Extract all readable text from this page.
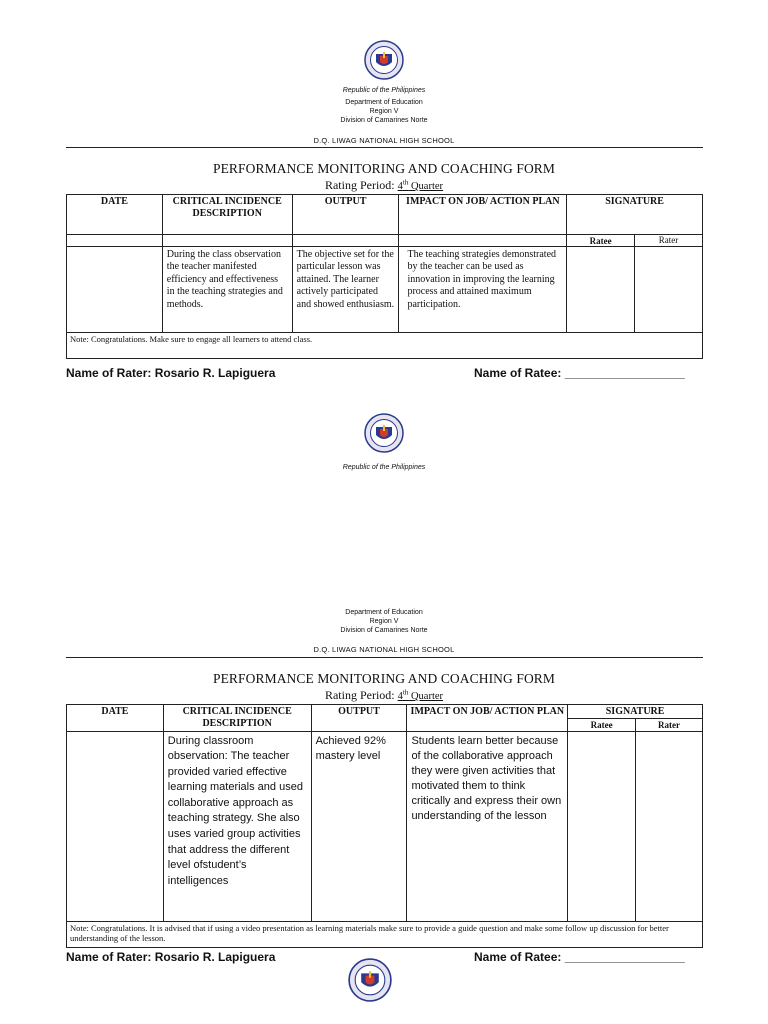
Republic of the Philippines
Department of Education
Region V
Division of Camarines Norte
D.Q. LIWAG NATIONAL HIGH SCHOOL
PERFORMANCE MONITORING AND COACHING FORM
Rating Period: 4th Quarter
DATE	CRITICAL INCIDENCE DESCRIPTION	OUTPUT	IMPACT ON JOB/ ACTION PLAN	SIGNATURE	
				Ratee	Rater
	During the class observation the teacher manifested efficiency and effectiveness in the teaching strategies and methods.	The objective set for the particular lesson was attained. The learner actively participated and showed enthusiasm.	The teaching strategies demonstrated by the teacher can be used as innovation in improving the learning process and attained maximum participation.		
Note: Congratulations. Make sure to engage all learners to attend class.					
Name of Rater: Rosario R. Lapiguera	Name of Ratee: __________________
Republic of the Philippines
Department of Education
Region V
Division of Camarines Norte
D.Q. LIWAG NATIONAL HIGH SCHOOL
PERFORMANCE MONITORING AND COACHING FORM
Rating Period: 4th Quarter
DATE	CRITICAL INCIDENCE DESCRIPTION	OUTPUT	IMPACT ON JOB/ ACTION PLAN	SIGNATURE	
				Ratee	Rater
	During classroom observation: The teacher provided varied effective learning materials and used collaborative approach as teaching strategy. She also uses varied group activities that address the different level ofstudent’s intelligences	Achieved 92% mastery level	Students learn better because of the collaborative approach they were given activities that motivated them to think critically and express their own understanding of the lesson		
Note: Congratulations. It is advised that if using a video presentation as learning materials make sure to provide a guide question and make some follow up discussion for better understanding of the lesson.					
Name of Rater: Rosario R. Lapiguera	Name of Ratee: __________________
